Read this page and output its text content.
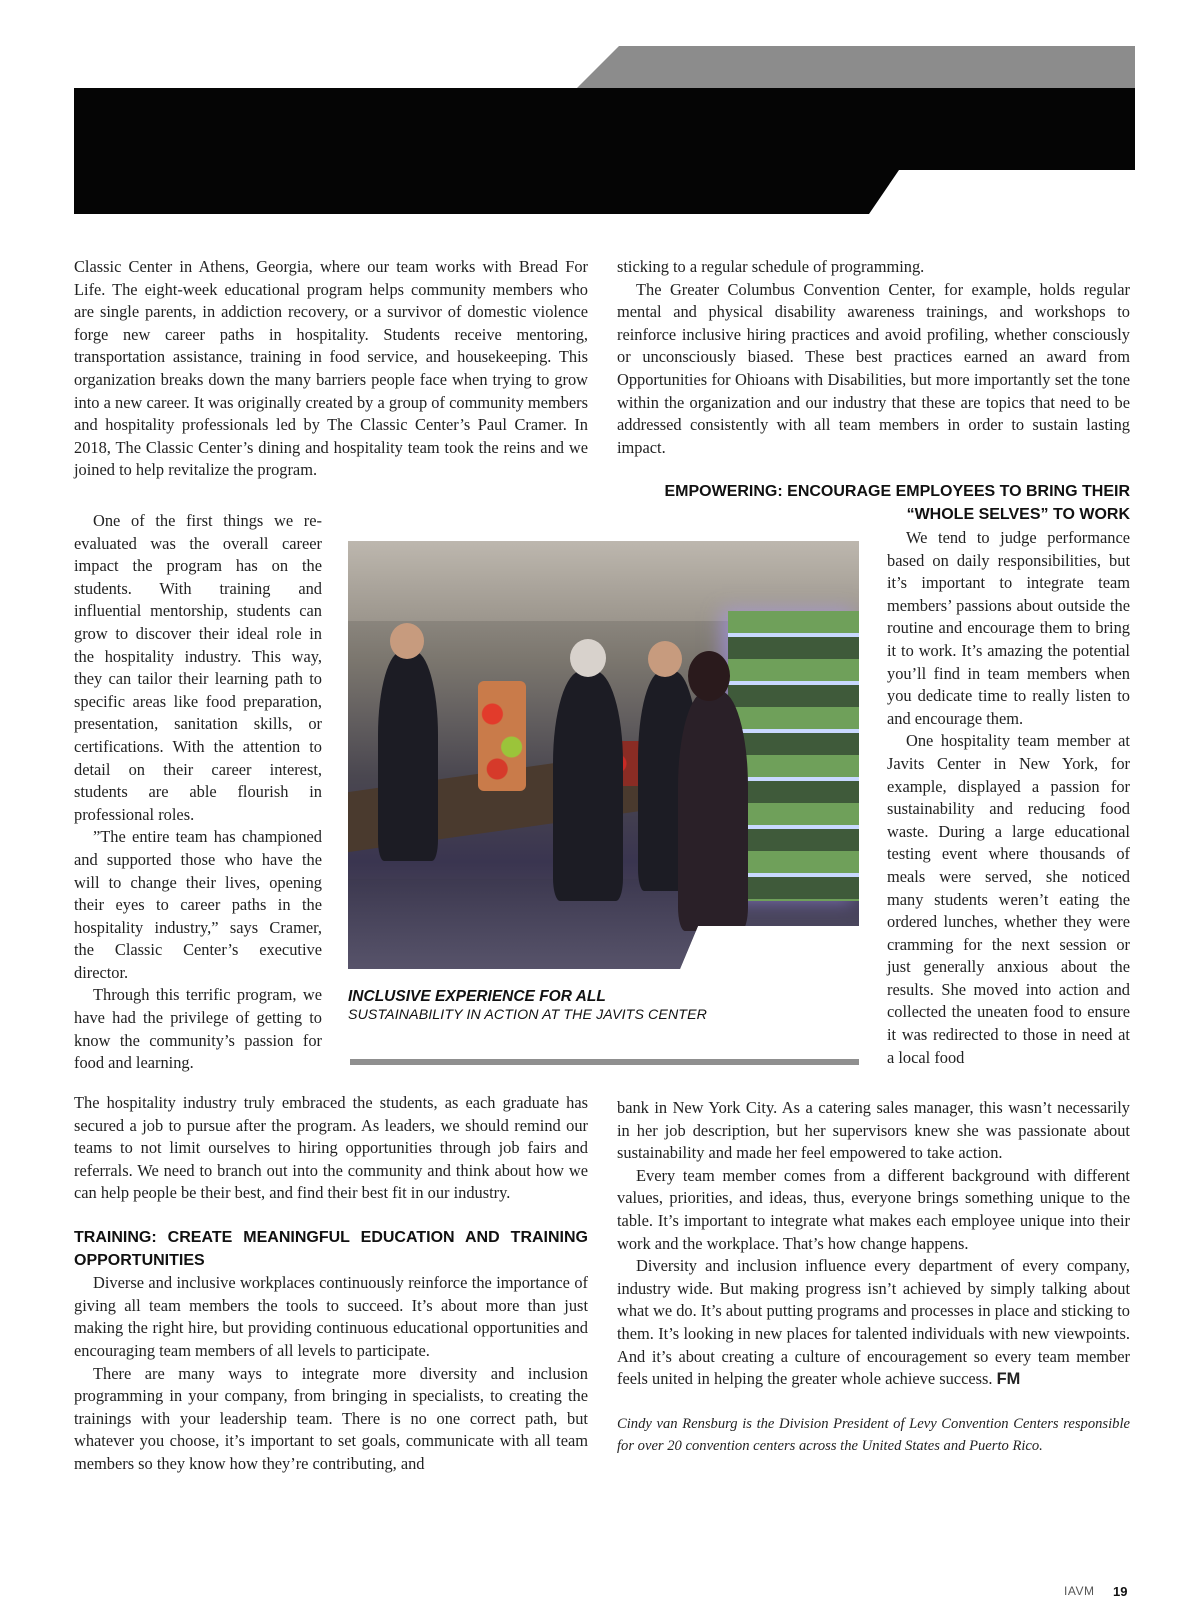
Classic Center in Athens, Georgia, where our team works with Bread For Life. The eight-week educational program helps community members who are single parents, in addiction recovery, or a survivor of domestic violence forge new career paths in hospitality. Students receive mentoring, transportation assistance, training in food service, and housekeeping. This organization breaks down the many barriers people face when trying to grow into a new career. It was originally created by a group of community members and hospitality professionals led by The Classic Center’s Paul Cramer. In 2018, The Classic Center’s dining and hospitality team took the reins and we joined to help revitalize the program.

One of the first things we re-evaluated was the overall career impact the program has on the students. With training and influential mentorship, students can grow to discover their ideal role in the hospitality industry. This way, they can tailor their learning path to specific areas like food preparation, presentation, sanitation skills, or certifications. With the attention to detail on their career interest, students are able flourish in professional roles.

”The entire team has championed and supported those who have the will to change their lives, opening their eyes to career paths in the hospitality industry,” says Cramer, the Classic Center’s executive director.

Through this terrific program, we have had the privilege of getting to know the community’s passion for food and learning.

The hospitality industry truly embraced the students, as each graduate has secured a job to pursue after the program. As leaders, we should remind our teams to not limit ourselves to hiring opportunities through job fairs and referrals. We need to branch out into the community and think about how we can help people be their best, and find their best fit in our industry.

TRAINING: CREATE MEANINGFUL EDUCATION AND TRAINING OPPORTUNITIES

Diverse and inclusive workplaces continuously reinforce the importance of giving all team members the tools to succeed. It’s about more than just making the right hire, but providing continuous educational opportunities and encouraging team members of all levels to participate.

There are many ways to integrate more diversity and inclusion programming in your company, from bringing in specialists, to creating the trainings with your leadership team. There is no one correct path, but whatever you choose, it’s important to set goals, communicate with all team members so they know how they’re contributing, and

sticking to a regular schedule of programming.

The Greater Columbus Convention Center, for example, holds regular mental and physical disability awareness trainings, and workshops to reinforce inclusive hiring practices and avoid profiling, whether consciously or unconsciously biased. These best practices earned an award from Opportunities for Ohioans with Disabilities, but more importantly set the tone within the organization and our industry that these are topics that need to be addressed consistently with all team members in order to sustain lasting impact.

EMPOWERING: ENCOURAGE EMPLOYEES TO BRING THEIR “WHOLE SELVES” TO WORK

We tend to judge performance based on daily responsibilities, but it’s important to integrate team members’ passions about outside the routine and encourage them to bring it to work. It’s amazing the potential you’ll find in team members when you dedicate time to really listen to and encourage them.

One hospitality team member at Javits Center in New York, for example, displayed a passion for sustainability and reducing food waste. During a large educational testing event where thousands of meals were served, she noticed many students weren’t eating the ordered lunches, whether they were cramming for the next session or just generally anxious about the results. She moved into action and collected the uneaten food to ensure it was redirected to those in need at a local food

bank in New York City. As a catering sales manager, this wasn’t necessarily in her job description, but her supervisors knew she was passionate about sustainability and made her feel empowered to take action.

Every team member comes from a different background with different values, priorities, and ideas, thus, everyone brings something unique to the table. It’s important to integrate what makes each employee unique into their work and the workplace. That’s how change happens.

Diversity and inclusion influence every department of every company, industry wide. But making progress isn’t achieved by simply talking about what we do. It’s about putting programs and processes in place and sticking to them. It’s looking in new places for talented individuals with new viewpoints. And it’s about creating a culture of encouragement so every team member feels united in helping the greater whole achieve success. FM

Cindy van Rensburg is the Division President of Levy Convention Centers responsible for over 20 convention centers across the United States and Puerto Rico.

INCLUSIVE EXPERIENCE FOR ALL

SUSTAINABILITY IN ACTION AT THE JAVITS CENTER

IAVM 19
